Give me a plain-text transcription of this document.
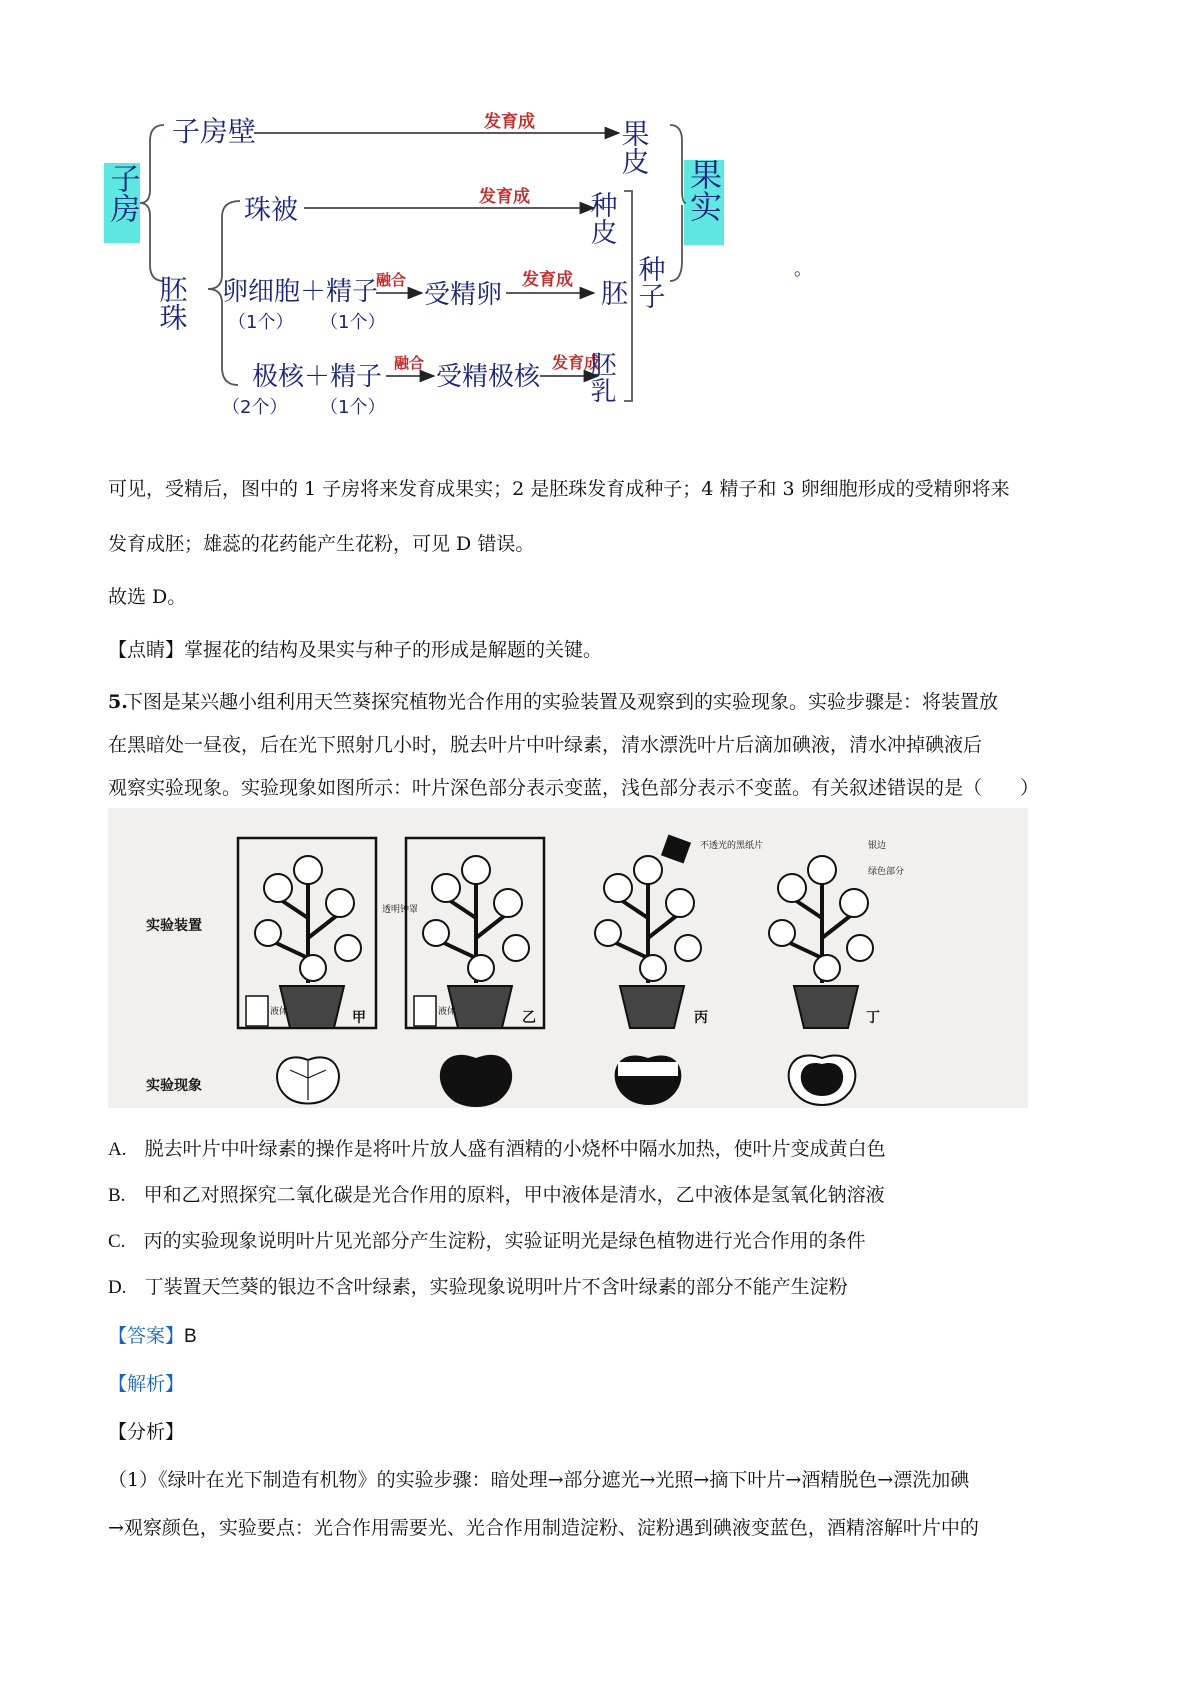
子房	果实
子房壁	发育成	果皮
胚珠
珠被	发育成 种皮
卵细胞 ＋ 精子
（1个） （1个）
融合 受精卵 发育成 胚
极核 ＋ 精子
（2个） （1个）
融合 受精极核 发育成
胚乳
种子	。
可见，受精后，图中的 1 子房将来发育成果实；2 是胚珠发育成种子；4 精子和 3 卵细胞形成的受精卵将来
发育成胚；雄蕊的花药能产生花粉，可见 D 错误。
故选 D。
【点睛】掌握花的结构及果实与种子的形成是解题的关键。
5.
下图是某兴趣小组利用天竺葵探究植物光合作用的实验装置及观察到的实验现象。实验步骤是：将装置放
在黑暗处一昼夜，后在光下照射几小时，脱去叶片中叶绿素，清水漂洗叶片后滴加碘液，清水冲掉碘液后
观察实验现象。实验现象如图所示：叶片深色部分表示变蓝，浅色部分表示不变蓝。有关叙述错误的是（　　）
实验装置
实验现象
液体	甲
透明钟罩
液体	乙
不透光的黑纸片
丙
银边
绿色部分
丁
A. 脱去叶片中叶绿素的操作是将叶片放人盛有酒精的小烧杯中隔水加热，使叶片变成黄白色
B. 甲和乙对照探究二氧化碳是光合作用的原料，甲中液体是清水，乙中液体是氢氧化钠溶液
C. 丙的实验现象说明叶片见光部分产生淀粉，实验证明光是绿色植物进行光合作用的条件
D. 丁装置天竺葵的银边不含叶绿素，实验现象说明叶片不含叶绿素的部分不能产生淀粉
【答案】B
【解析】
【分析】
（1）《绿叶在光下制造有机物》的实验步骤：暗处理→部分遮光→光照→摘下叶片→酒精脱色→漂洗加碘
→观察颜色，实验要点：光合作用需要光、光合作用制造淀粉、淀粉遇到碘液变蓝色，酒精溶解叶片中的
